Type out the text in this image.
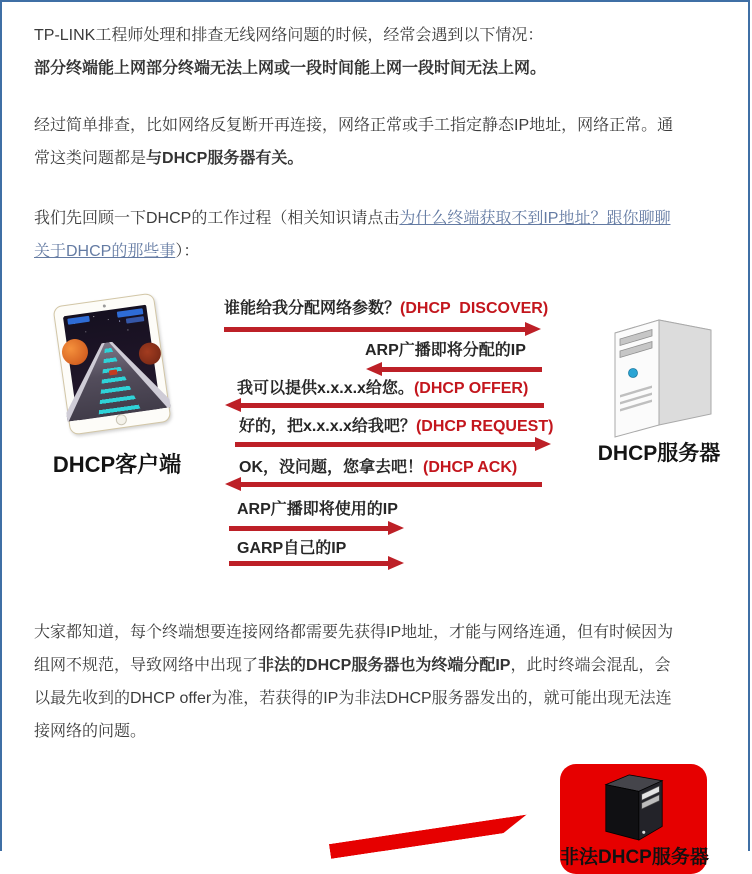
TP-LINK工程师处理和排查无线网络问题的时候，经常会遇到以下情况：
部分终端能上网部分终端无法上网或一段时间能上网一段时间无法上网。

经过简单排查，比如网络反复断开再连接，网络正常或手工指定静态IP地址，网络正常。通常这类问题都是与DHCP服务器有关。

我们先回顾一下DHCP的工作过程（相关知识请点击为什么终端获取不到IP地址？跟你聊聊关于DHCP的那些事）：

DHCP客户端	DHCP服务器
谁能给我分配网络参数？(DHCP  DISCOVER)
ARP广播即将分配的IP
我可以提供x.x.x.x给您。(DHCP OFFER)
好的，把x.x.x.x给我吧？(DHCP REQUEST)
OK，没问题，您拿去吧！(DHCP ACK)
ARP广播即将使用的IP
GARP自己的IP

大家都知道，每个终端想要连接网络都需要先获得IP地址，才能与网络连通，但有时候因为组网不规范，导致网络中出现了非法的DHCP服务器也为终端分配IP，此时终端会混乱，会以最先收到的DHCP offer为准，若获得的IP为非法DHCP服务器发出的，就可能出现无法连接网络的问题。

非法DHCP服务器
